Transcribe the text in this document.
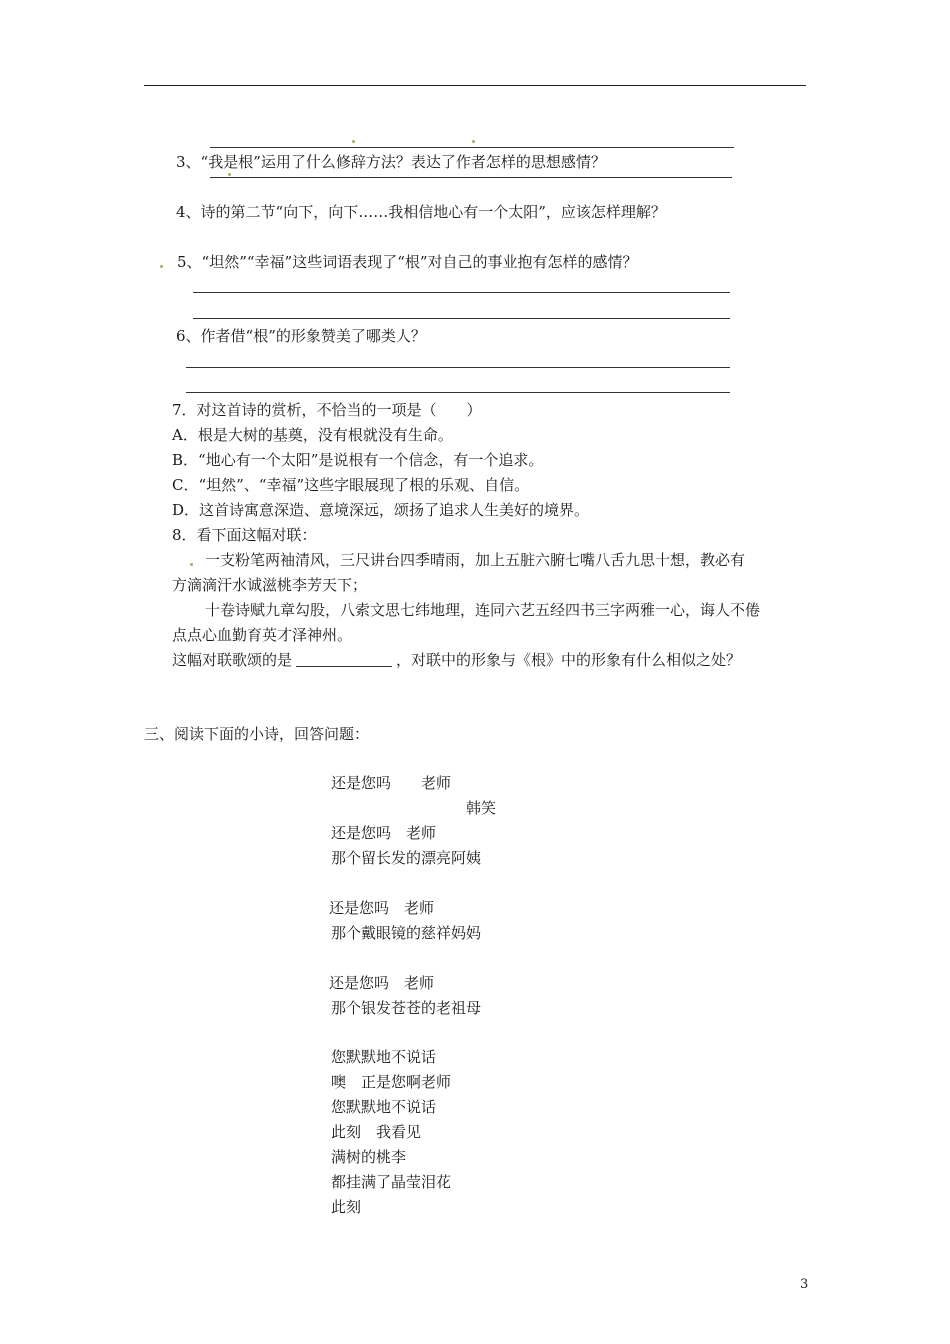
3、“我是根”运用了什么修辞方法？表达了作者怎样的思想感情？
4、诗的第二节“向下，向下……我相信地心有一个太阳”，应该怎样理解？
5、“坦然”“幸福”这些词语表现了“根”对自己的事业抱有怎样的感情？
6、作者借“根”的形象赞美了哪类人？
7．对这首诗的赏析，不恰当的一项是（　　）
A．根是大树的基奠，没有根就没有生命。
B．“地心有一个太阳”是说根有一个信念，有一个追求。
C．“坦然”、“幸福”这些字眼展现了根的乐观、自信。
D．这首诗寓意深造、意境深远，颂扬了追求人生美好的境界。
8．看下面这幅对联：
一支粉笔两袖清风，三尺讲台四季晴雨，加上五脏六腑七嘴八舌九思十想，教必有
方滴滴汗水诚滋桃李芳天下；
十卷诗赋九章勾股，八索文思七纬地理，连同六艺五经四书三字两雅一心，诲人不倦
点点心血勤育英才泽神州。
这幅对联歌颂的是	，对联中的形象与《根》中的形象有什么相似之处？
三、阅读下面的小诗，回答问题：
还是您吗　　老师
韩笑
还是您吗　老师
那个留长发的漂亮阿姨
还是您吗　老师
那个戴眼镜的慈祥妈妈
还是您吗　老师
那个银发苍苍的老祖母
您默默地不说话
噢　正是您啊老师
您默默地不说话
此刻　我看见
满树的桃李
都挂满了晶莹泪花
此刻
3
